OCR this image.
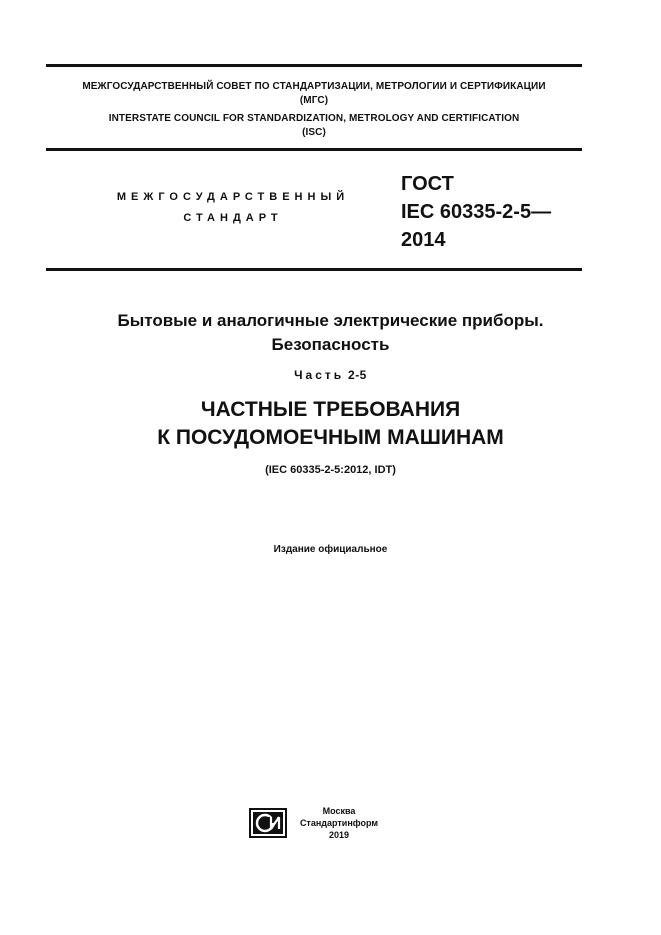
МЕЖГОСУДАРСТВЕННЫЙ СОВЕТ ПО СТАНДАРТИЗАЦИИ, МЕТРОЛОГИИ И СЕРТИФИКАЦИИ
(МГС)
INTERSTATE COUNCIL FOR STANDARDIZATION, METROLOGY AND CERTIFICATION
(ISC)
МЕЖГОСУДАРСТВЕННЫЙ
СТАНДАРТ
ГОСТ
IEC 60335-2-5—
2014
Бытовые и аналогичные электрические приборы.
Безопасность
Часть 2-5
ЧАСТНЫЕ ТРЕБОВАНИЯ
К ПОСУДОМОЕЧНЫМ МАШИНАМ
(IEC 60335-2-5:2012, IDT)
Издание официальное
Москва
Стандартинформ
2019
